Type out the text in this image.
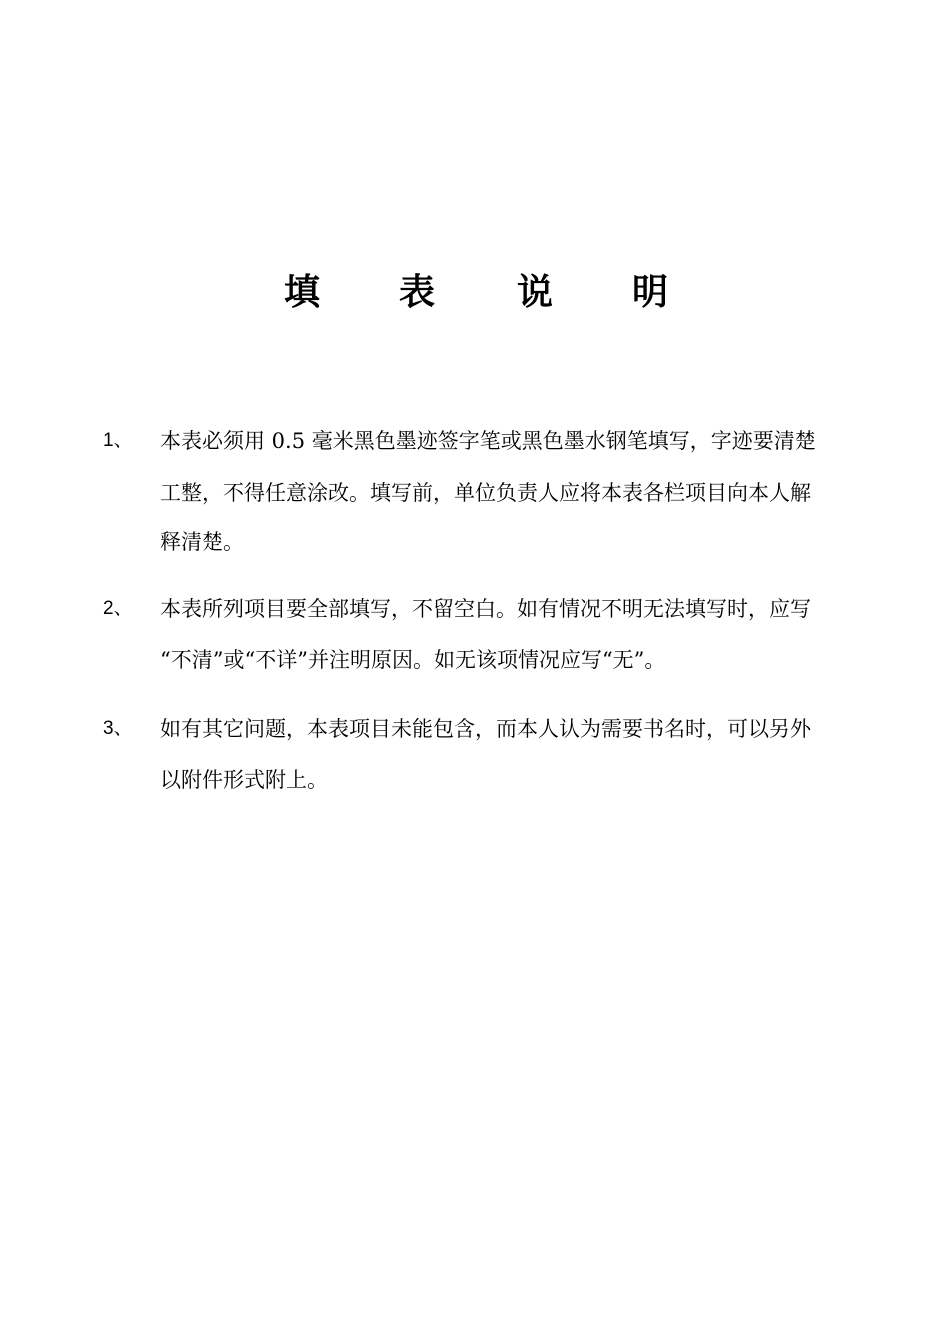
填	表	说	明
1、 本表必须用 0.5 毫米黑色墨迹签字笔或黑色墨水钢笔填写，字迹要清楚
工整，不得任意涂改。填写前，单位负责人应将本表各栏项目向本人解
释清楚。
2、 本表所列项目要全部填写，不留空白。如有情况不明无法填写时，应写
“不清”或“不详”并注明原因。如无该项情况应写“无”。
3、 如有其它问题，本表项目未能包含，而本人认为需要书名时，可以另外
以附件形式附上。
